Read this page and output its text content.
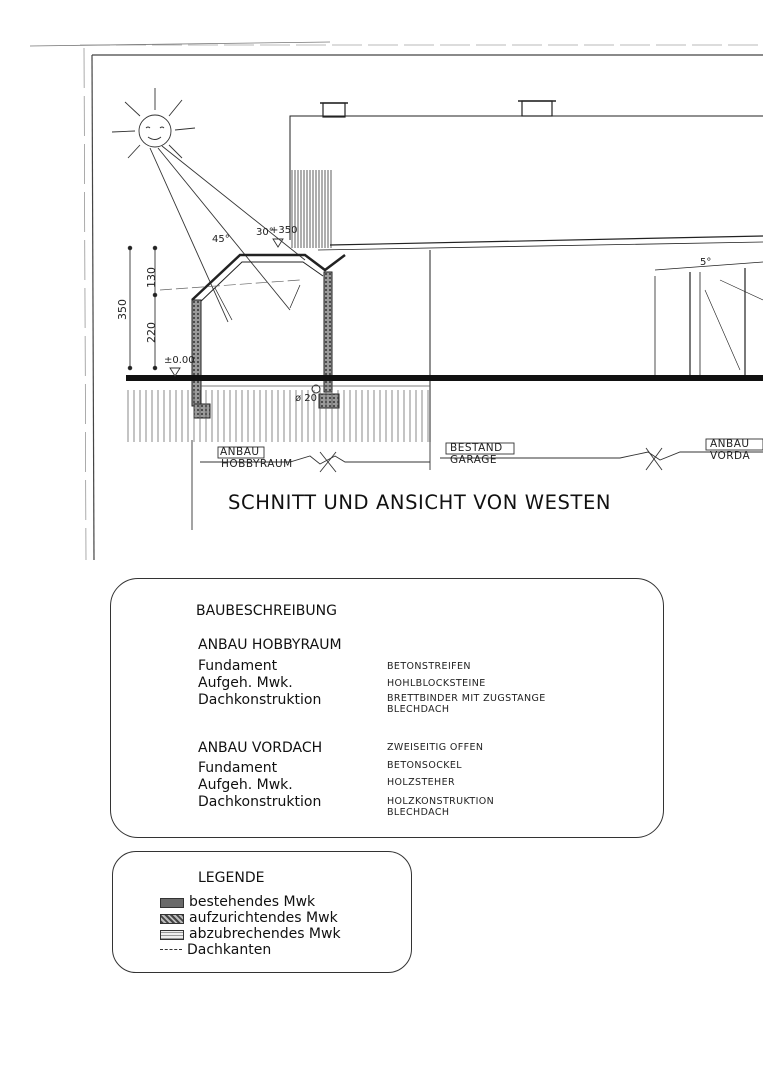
350
130
220
±0.00
30°
+350
45°
5°
ø 20
ANBAU
HOBBYRAUM
BESTAND
GARAGE
ANBAU
VORDA
SCHNITT UND ANSICHT VON WESTEN
BAUBESCHREIBUNG
ANBAU HOBBYRAUM
Fundament	BETONSTREIFEN
Aufgeh. Mwk.	HOHLBLOCKSTEINE
Dachkonstruktion	BRETTBINDER MIT ZUGSTANGE
BLECHDACH
ANBAU VORDACH	ZWEISEITIG OFFEN
Fundament	BETONSOCKEL
Aufgeh. Mwk.	HOLZSTEHER
Dachkonstruktion	HOLZKONSTRUKTION
BLECHDACH
LEGENDE
bestehendes Mwk
aufzurichtendes Mwk
abzubrechendes Mwk
Dachkanten
